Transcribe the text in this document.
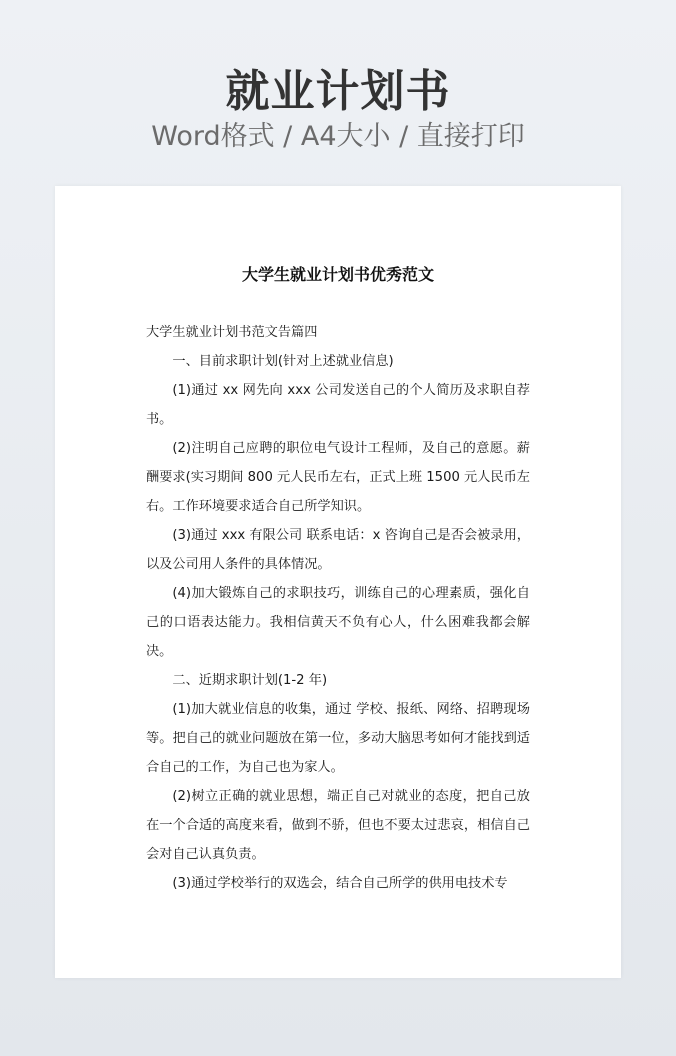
就业计划书
Word格式 / A4大小 / 直接打印
大学生就业计划书优秀范文

大学生就业计划书范文告篇四

一、目前求职计划(针对上述就业信息)

(1)通过 xx 网先向 xxx 公司发送自己的个人简历及求职自荐书。

(2)注明自己应聘的职位电气设计工程师，及自己的意愿。薪酬要求(实习期间 800 元人民币左右，正式上班 1500 元人民币左右。工作环境要求适合自己所学知识。

(3)通过 xxx 有限公司 联系电话：x 咨询自己是否会被录用，以及公司用人条件的具体情况。

(4)加大锻炼自己的求职技巧，训练自己的心理素质，强化自己的口语表达能力。我相信黄天不负有心人，什么困难我都会解决。

二、近期求职计划(1-2 年)

(1)加大就业信息的收集，通过 学校、报纸、网络、招聘现场等。把自己的就业问题放在第一位，多动大脑思考如何才能找到适合自己的工作，为自己也为家人。

(2)树立正确的就业思想，端正自己对就业的态度，把自己放在一个合适的高度来看，做到不骄，但也不要太过悲哀，相信自己会对自己认真负责。

(3)通过学校举行的双选会，结合自己所学的供用电技术专
